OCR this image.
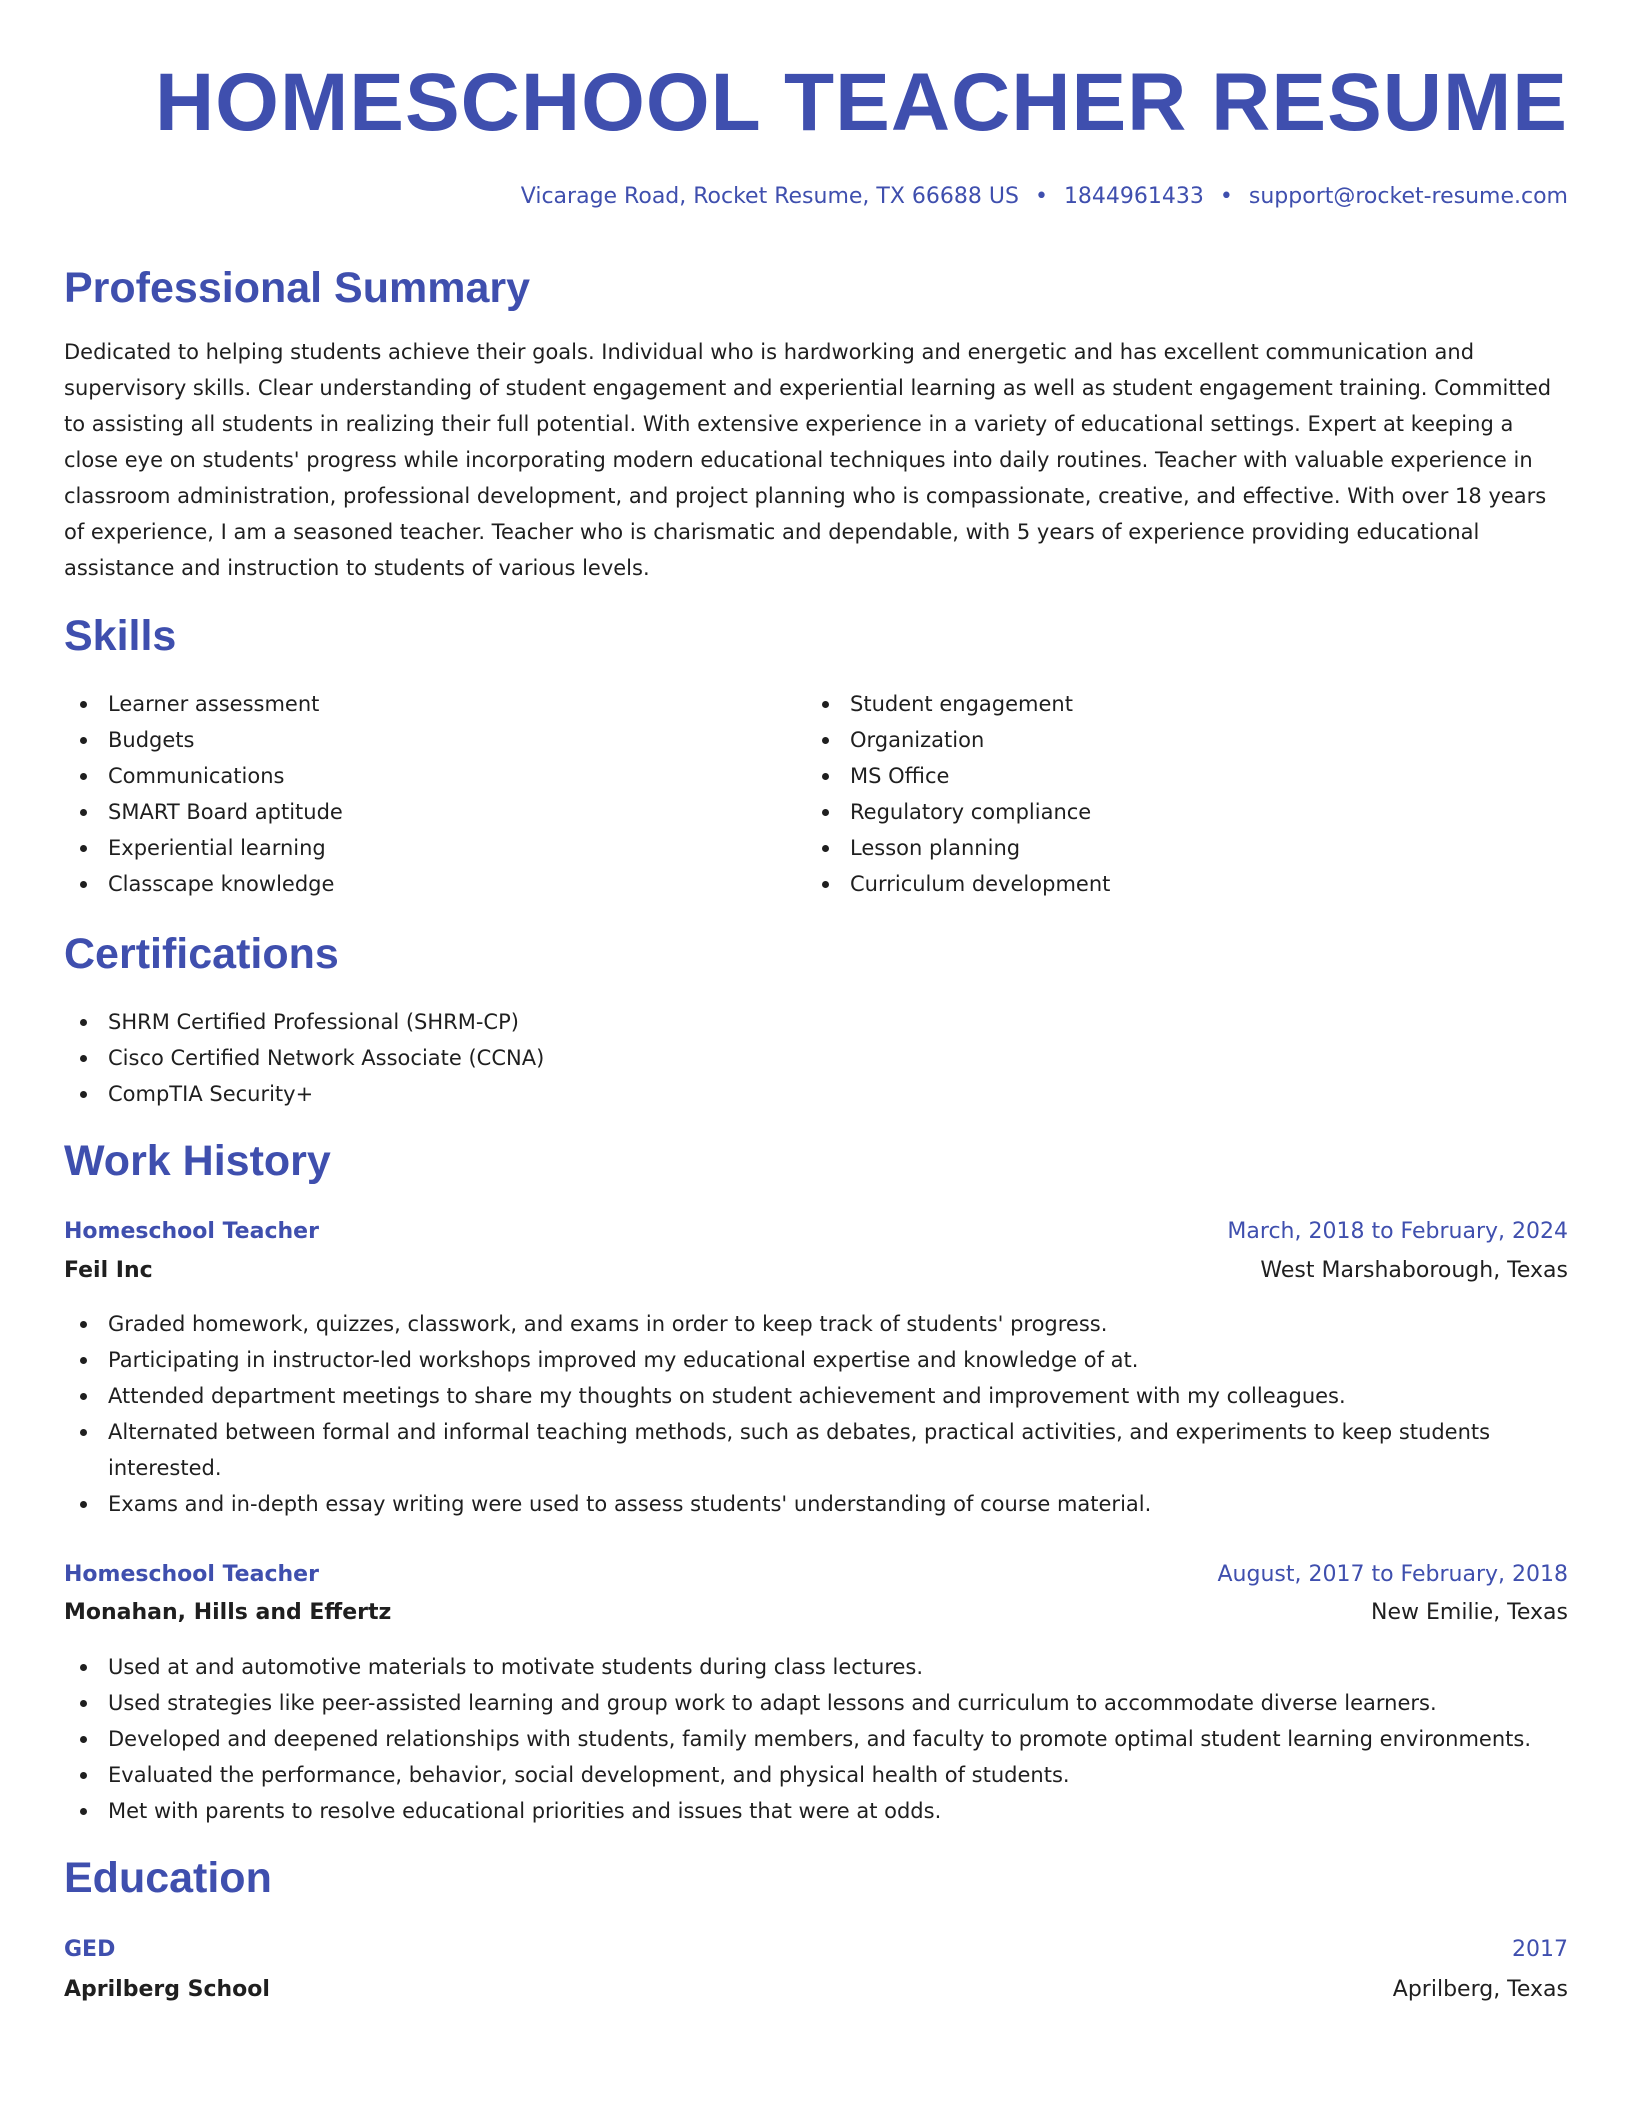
HOMESCHOOL TEACHER RESUME
Vicarage Road, Rocket Resume, TX 66688 US • 1844961433 • support@rocket-resume.com
Professional Summary

Dedicated to helping students achieve their goals. Individual who is hardworking and energetic and has excellent communication and supervisory skills. Clear understanding of student engagement and experiential learning as well as student engagement training. Committed to assisting all students in realizing their full potential. With extensive experience in a variety of educational settings. Expert at keeping a close eye on students' progress while incorporating modern educational techniques into daily routines. Teacher with valuable experience in classroom administration, professional development, and project planning who is compassionate, creative, and effective. With over 18 years of experience, I am a seasoned teacher. Teacher who is charismatic and dependable, with 5 years of experience providing educational assistance and instruction to students of various levels.

Skills
Learner assessment
Budgets
Communications
SMART Board aptitude
Experiential learning
Classcape knowledge
Student engagement
Organization
MS Office
Regulatory compliance
Lesson planning
Curriculum development
Certifications
SHRM Certified Professional (SHRM-CP)
Cisco Certified Network Associate (CCNA)
CompTIA Security+
Work History
Homeschool Teacher	March, 2018 to February, 2024
Feil Inc	West Marshaborough, Texas
Graded homework, quizzes, classwork, and exams in order to keep track of students' progress.
Participating in instructor-led workshops improved my educational expertise and knowledge of at.
Attended department meetings to share my thoughts on student achievement and improvement with my colleagues.
Alternated between formal and informal teaching methods, such as debates, practical activities, and experiments to keep students interested.
Exams and in-depth essay writing were used to assess students' understanding of course material.
Homeschool Teacher	August, 2017 to February, 2018
Monahan, Hills and Effertz	New Emilie, Texas
Used at and automotive materials to motivate students during class lectures.
Used strategies like peer-assisted learning and group work to adapt lessons and curriculum to accommodate diverse learners.
Developed and deepened relationships with students, family members, and faculty to promote optimal student learning environments.
Evaluated the performance, behavior, social development, and physical health of students.
Met with parents to resolve educational priorities and issues that were at odds.
Education
GED	2017
Aprilberg School	Aprilberg, Texas
